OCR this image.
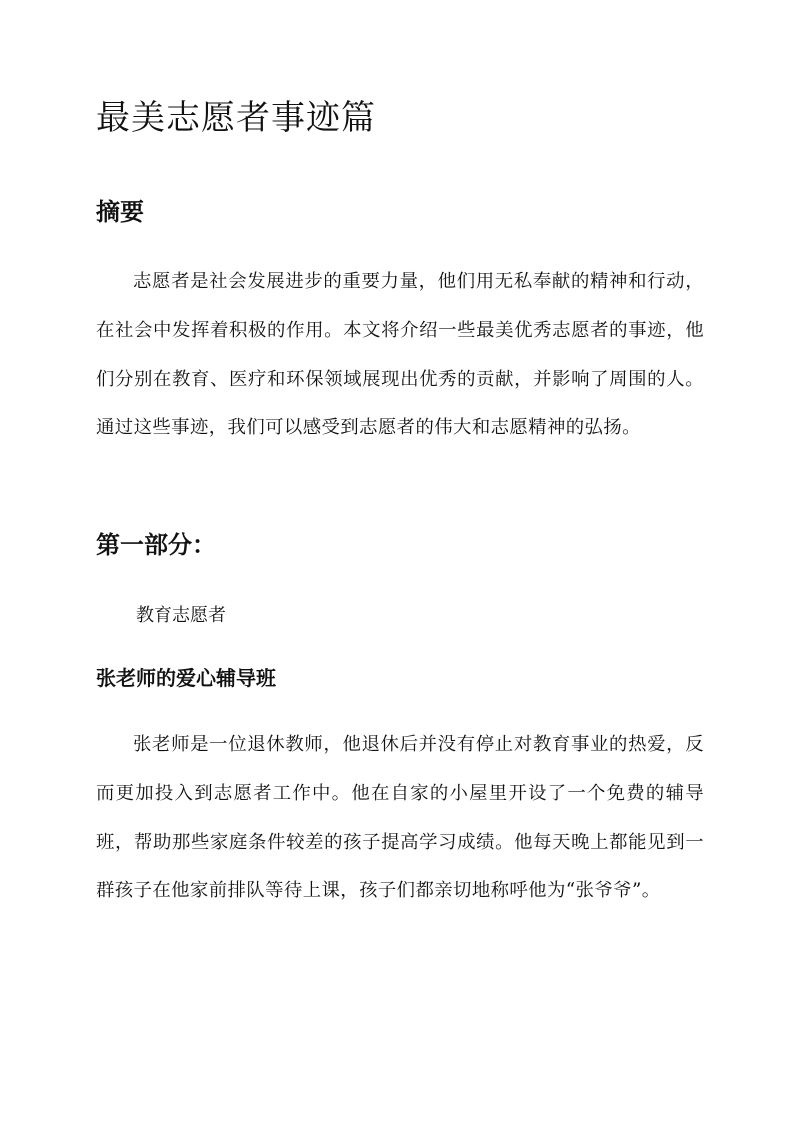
最美志愿者事迹篇
摘要

志愿者是社会发展进步的重要力量，他们用无私奉献的精神和行动，在社会中发挥着积极的作用。本文将介绍一些最美优秀志愿者的事迹，他们分别在教育、医疗和环保领域展现出优秀的贡献，并影响了周围的人。通过这些事迹，我们可以感受到志愿者的伟大和志愿精神的弘扬。

第一部分：

教育志愿者

张老师的爱心辅导班

张老师是一位退休教师，他退休后并没有停止对教育事业的热爱，反而更加投入到志愿者工作中。他在自家的小屋里开设了一个免费的辅导班，帮助那些家庭条件较差的孩子提高学习成绩。他每天晚上都能见到一群孩子在他家前排队等待上课，孩子们都亲切地称呼他为“张爷爷”。
